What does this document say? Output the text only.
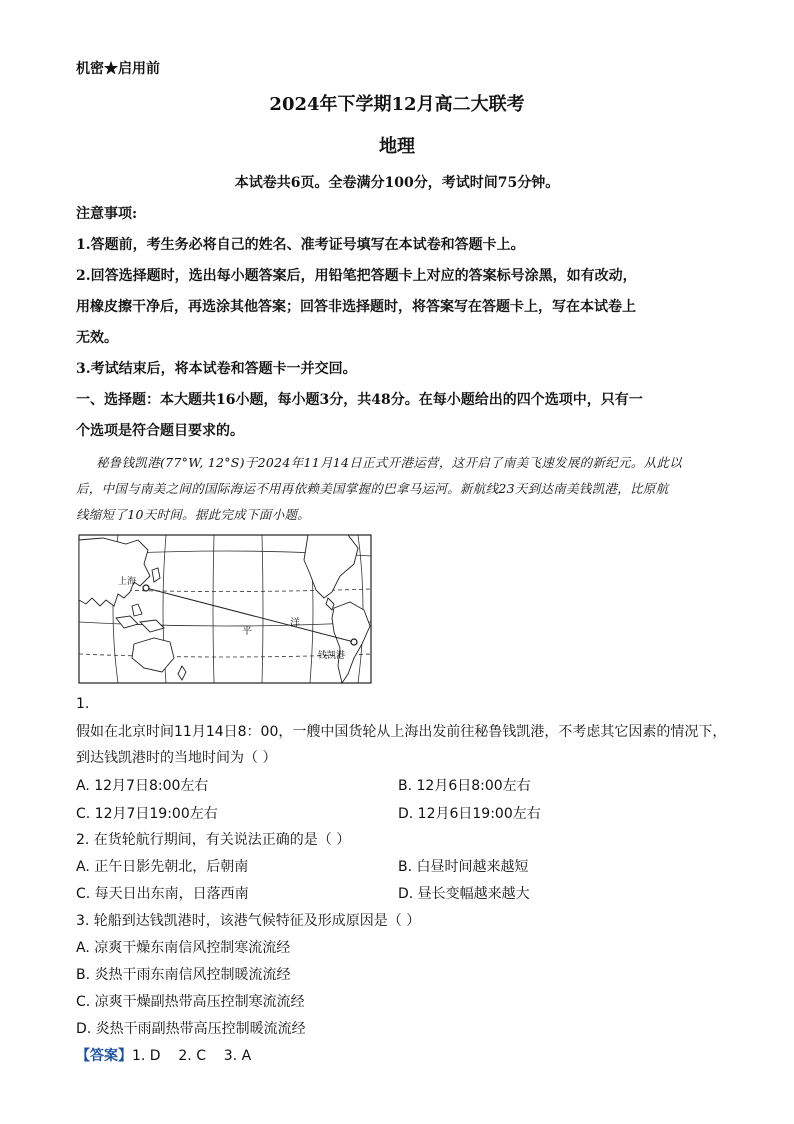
机密★启用前
2024年下学期12月高二大联考
地理
本试卷共6页。全卷满分100分，考试时间75分钟。
注意事项:
1.答题前，考生务必将自己的姓名、准考证号填写在本试卷和答题卡上。
2.回答选择题时，选出每小题答案后，用铅笔把答题卡上对应的答案标号涂黑，如有改动，
用橡皮擦干净后，再选涂其他答案；回答非选择题时，将答案写在答题卡上，写在本试卷上
无效。
3.考试结束后，将本试卷和答题卡一并交回。
一、选择题：本大题共16小题，每小题3分，共48分。在每小题给出的四个选项中，只有一
个选项是符合题目要求的。
秘鲁钱凯港(77°W, 12°S)于2024年11月14日正式开港运营，这开启了南美飞速发展的新纪元。从此以
后，中国与南美之间的国际海运不用再依赖美国掌握的巴拿马运河。新航线23天到达南美钱凯港，比原航
线缩短了10天时间。据此完成下面小题。
上海
平
洋
钱凯港
1.
假如在北京时间11月14日8：00，一艘中国货轮从上海出发前往秘鲁钱凯港，不考虑其它因素的情况下，
到达钱凯港时的当地时间为（ ）
A. 12月7日8:00左右	B. 12月6日8:00左右
C. 12月7日19:00左右	D. 12月6日19:00左右
2. 在货轮航行期间，有关说法正确的是（ ）
A. 正午日影先朝北，后朝南	B. 白昼时间越来越短
C. 每天日出东南，日落西南	D. 昼长变幅越来越大
3. 轮船到达钱凯港时，该港气候特征及形成原因是（ ）
A. 凉爽干燥东南信风控制寒流流经
B. 炎热干雨东南信风控制暖流流经
C. 凉爽干燥副热带高压控制寒流流经
D. 炎热干雨副热带高压控制暖流流经
【答案】1. D    2. C    3. A
